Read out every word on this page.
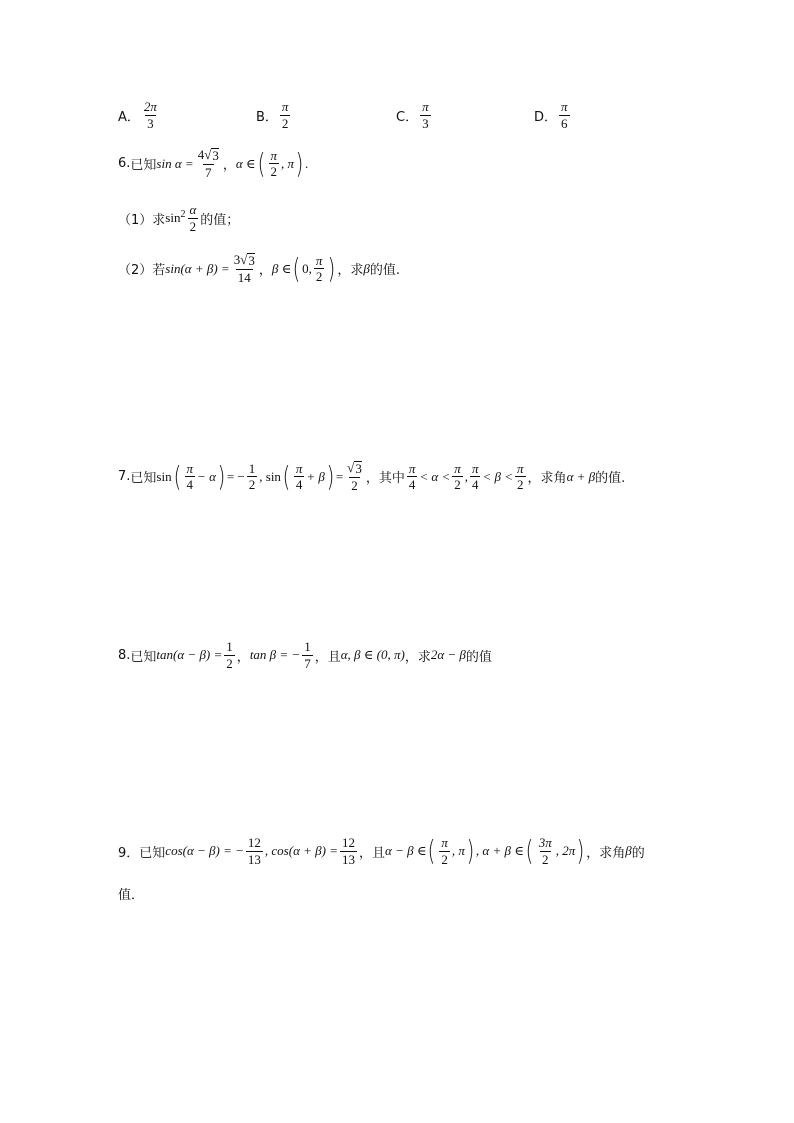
A． $\frac{2\pi}{3}$	B． $\frac{\pi}{2}$	C． $\frac{\pi}{3}$	D． $\frac{\pi}{6}$
6. 已知 $\sin \alpha = \frac{4√ 3}{7}$ ， α ∈ ( $\frac{\pi}{2}$ , π ) .
（1）求 $\sin^2 \frac{\alpha}{2}$ 的值；
（2）若 $\sin(\alpha + \beta) = \frac{3√ 3}{14}$ ， β ∈ ( 0, $\frac{\pi}{2}$ ) ，求 β 的值.
7. 已知 sin ( $\frac{\pi}{4} - \alpha$ ) = − $\frac{1}{2}$ , sin ( $\frac{\pi}{4} + \beta$ ) = $\frac{√ 3}{2}$ ，其中 $\frac{\pi}{4} < \alpha < \frac{\pi}{2}$ , $\frac{\pi}{4} < \beta < \frac{\pi}{2}$ ，求角 α + β 的值.
8. 已知 $\tan(\alpha - \beta) = \frac{1}{2}$ ， tan β = − $\frac{1}{7}$ ，且 α, β ∈ (0, π) ，求 2α − β 的值
9． 已知 cos(α − β) = − $\frac{12}{13}$ , $\cos(\alpha + \beta) = \frac{12}{13}$ ，且 α − β ∈ ( $\frac{\pi}{2}$ , π ) , α + β ∈ ( $\frac{3\pi}{2}$ , 2π ) ，求角 β 的
值．
